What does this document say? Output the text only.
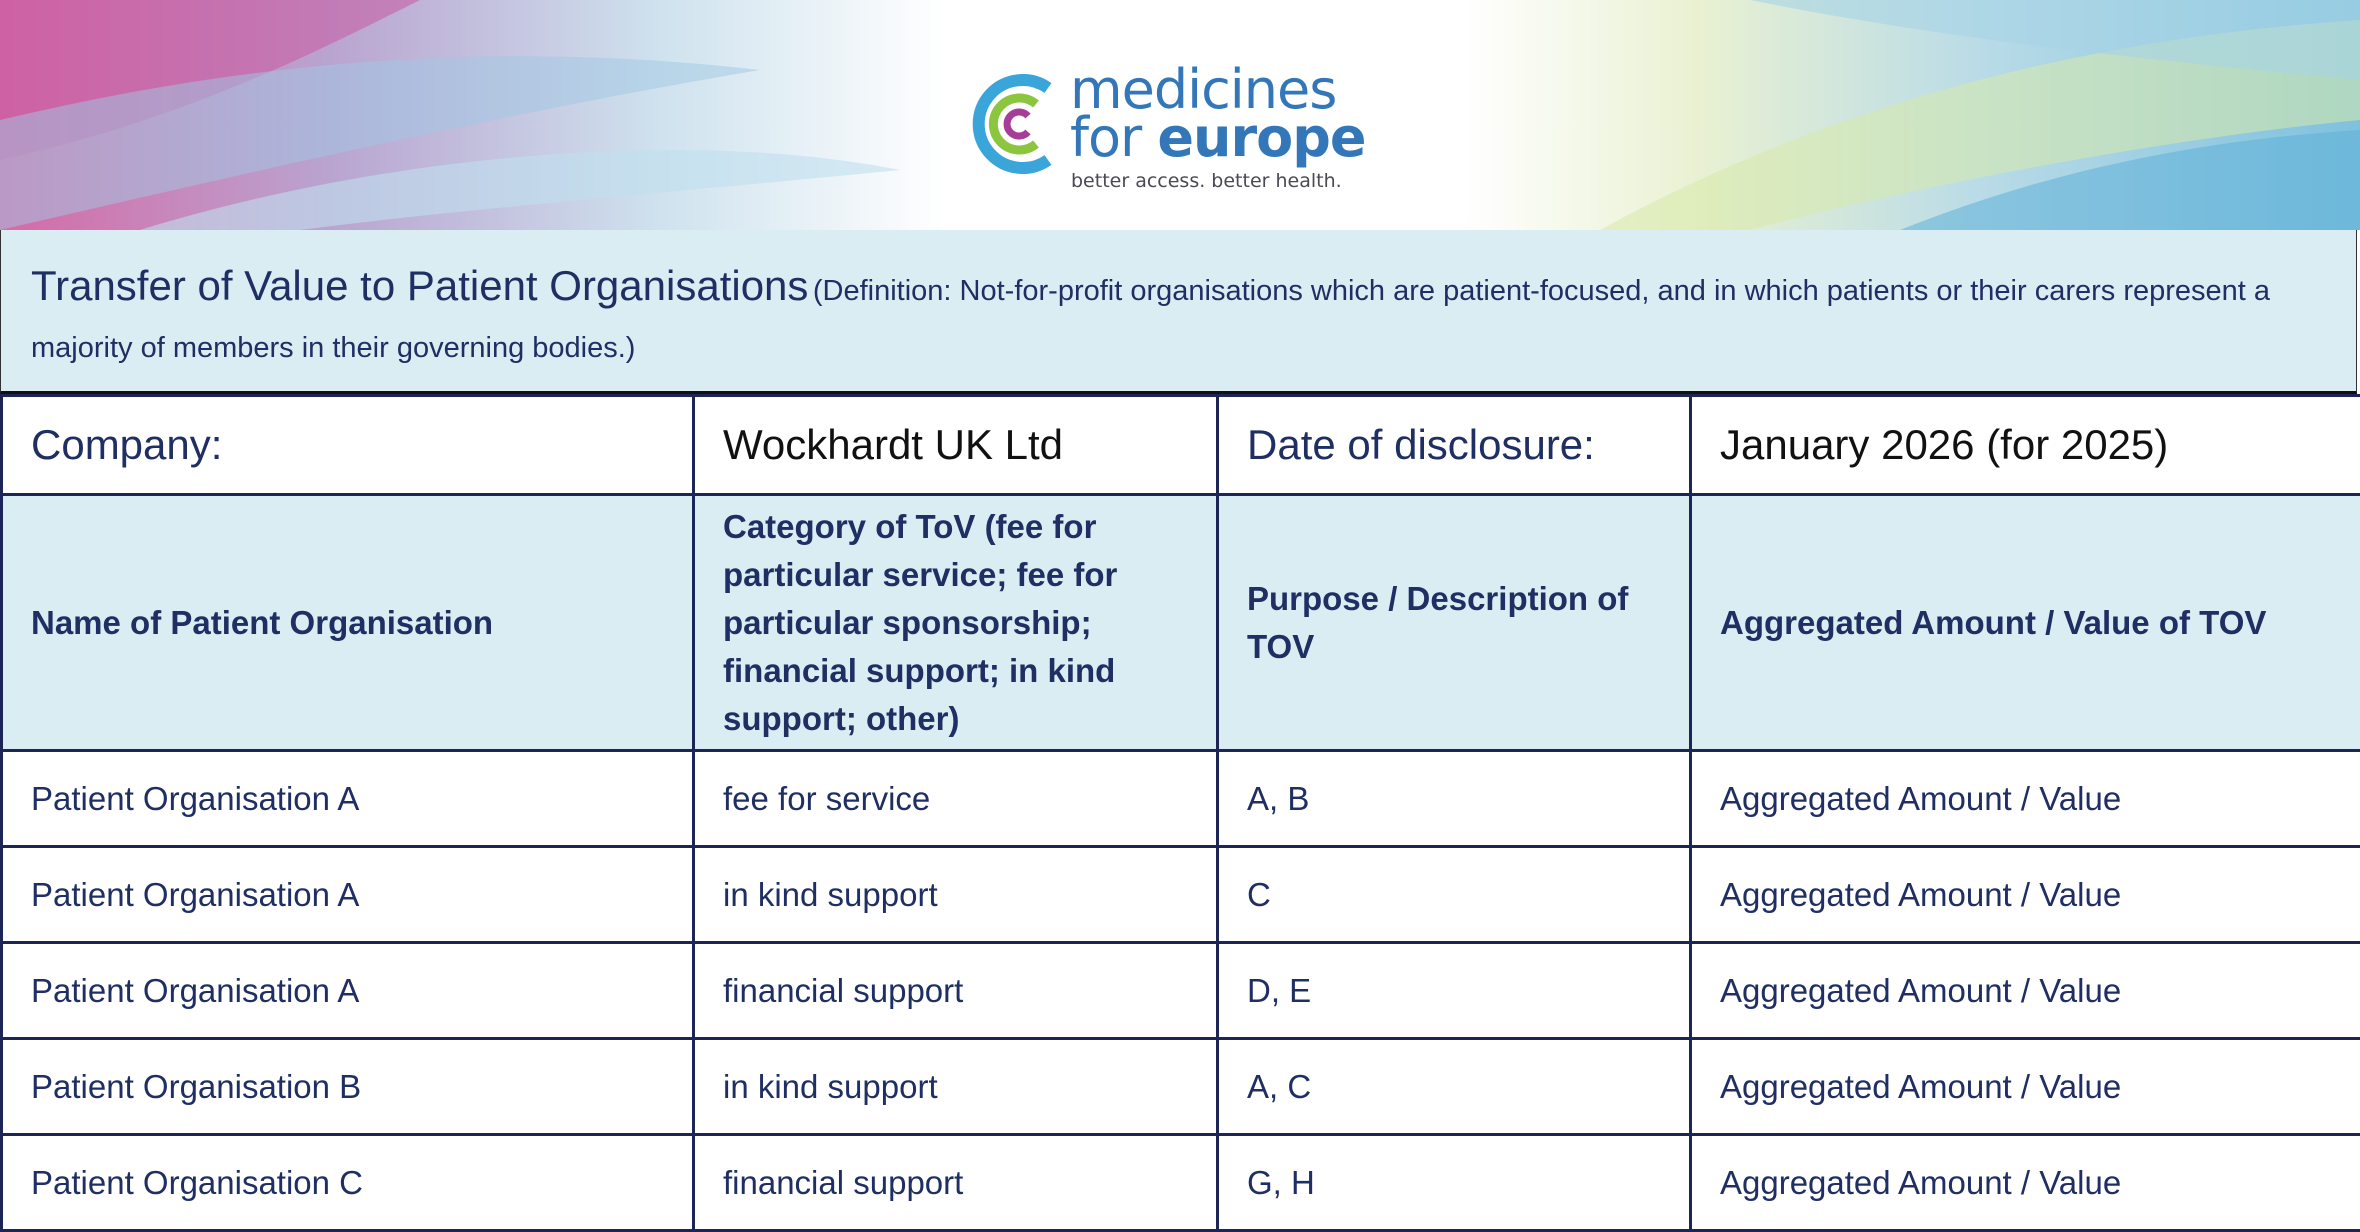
medicines
for europe
better access. better health.
Transfer of Value to Patient Organisations (Definition: Not-for-profit organisations which are patient-focused, and in which patients or their carers represent a majority of members in their governing bodies.)
Company:	Wockhardt UK Ltd	Date of disclosure:	January 2026 (for 2025)
Name of Patient Organisation	Category of ToV (fee for particular service; fee for particular sponsorship; financial support; in kind support; other)	Purpose / Description of TOV	Aggregated Amount / Value of TOV
Patient Organisation A	fee for service	A, B	Aggregated Amount / Value
Patient Organisation A	in kind support	C	Aggregated Amount / Value
Patient Organisation A	financial support	D, E	Aggregated Amount / Value
Patient Organisation B	in kind support	A, C	Aggregated Amount / Value
Patient Organisation C	financial support	G, H	Aggregated Amount / Value
